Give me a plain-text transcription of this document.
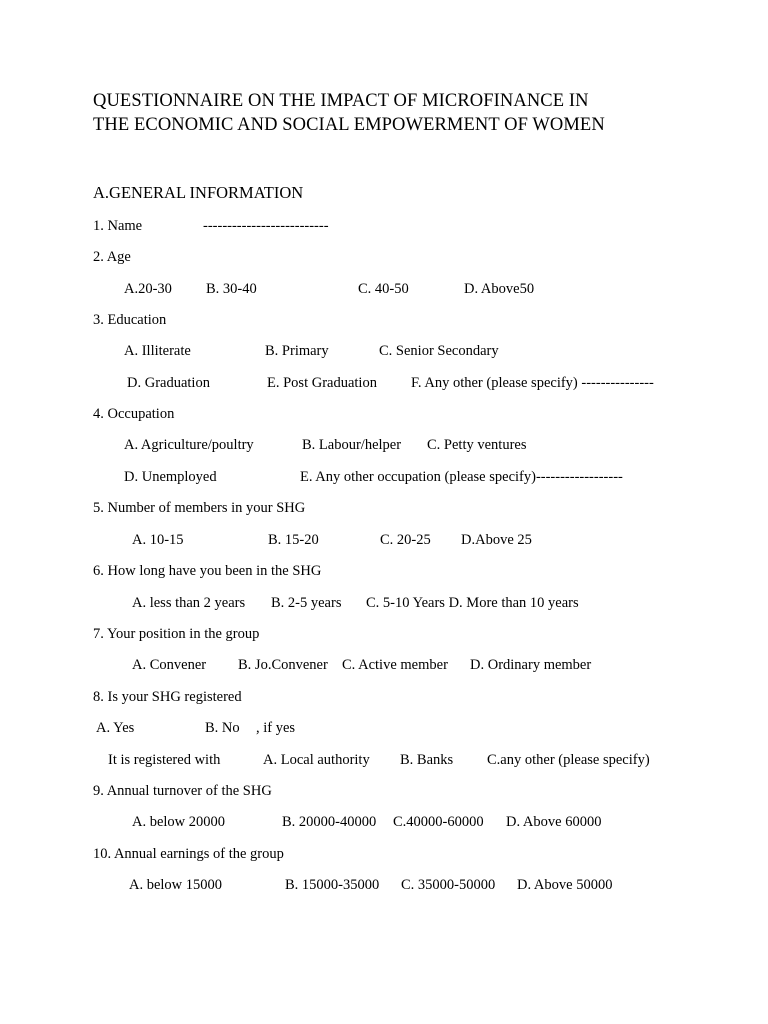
QUESTIONNAIRE ON THE IMPACT OF MICROFINANCE IN
THE ECONOMIC AND SOCIAL EMPOWERMENT OF WOMEN
A.GENERAL INFORMATION
1. Name	--------------------------
2. Age
A.20-30 B. 30-40	C. 40-50	D. Above50
3. Education
A. Illiterate	B. Primary	C. Senior Secondary
D. Graduation	E. Post Graduation F. Any other (please specify) ---------------
4. Occupation
A. Agriculture/poultry	B. Labour/helper C. Petty ventures
D. Unemployed	E. Any other occupation (please specify)------------------
5. Number of members in your SHG
A. 10-15	B. 15-20	C. 20-25 D.Above 25
6. How long have you been in the SHG
A. less than 2 years B. 2-5 years C. 5-10 Years D. More than 10 years
7. Your position in the group
A. Convener B. Jo.Convener C. Active member D. Ordinary member
8. Is your SHG registered
A. Yes	B. No , if yes
It is registered with	A. Local authority B. Banks C.any other (please specify)
9. Annual turnover of the SHG
A. below 20000	B. 20000-40000 C.40000-60000 D. Above 60000
10. Annual earnings of the group
A. below 15000	B. 15000-35000 C. 35000-50000 D. Above 50000
